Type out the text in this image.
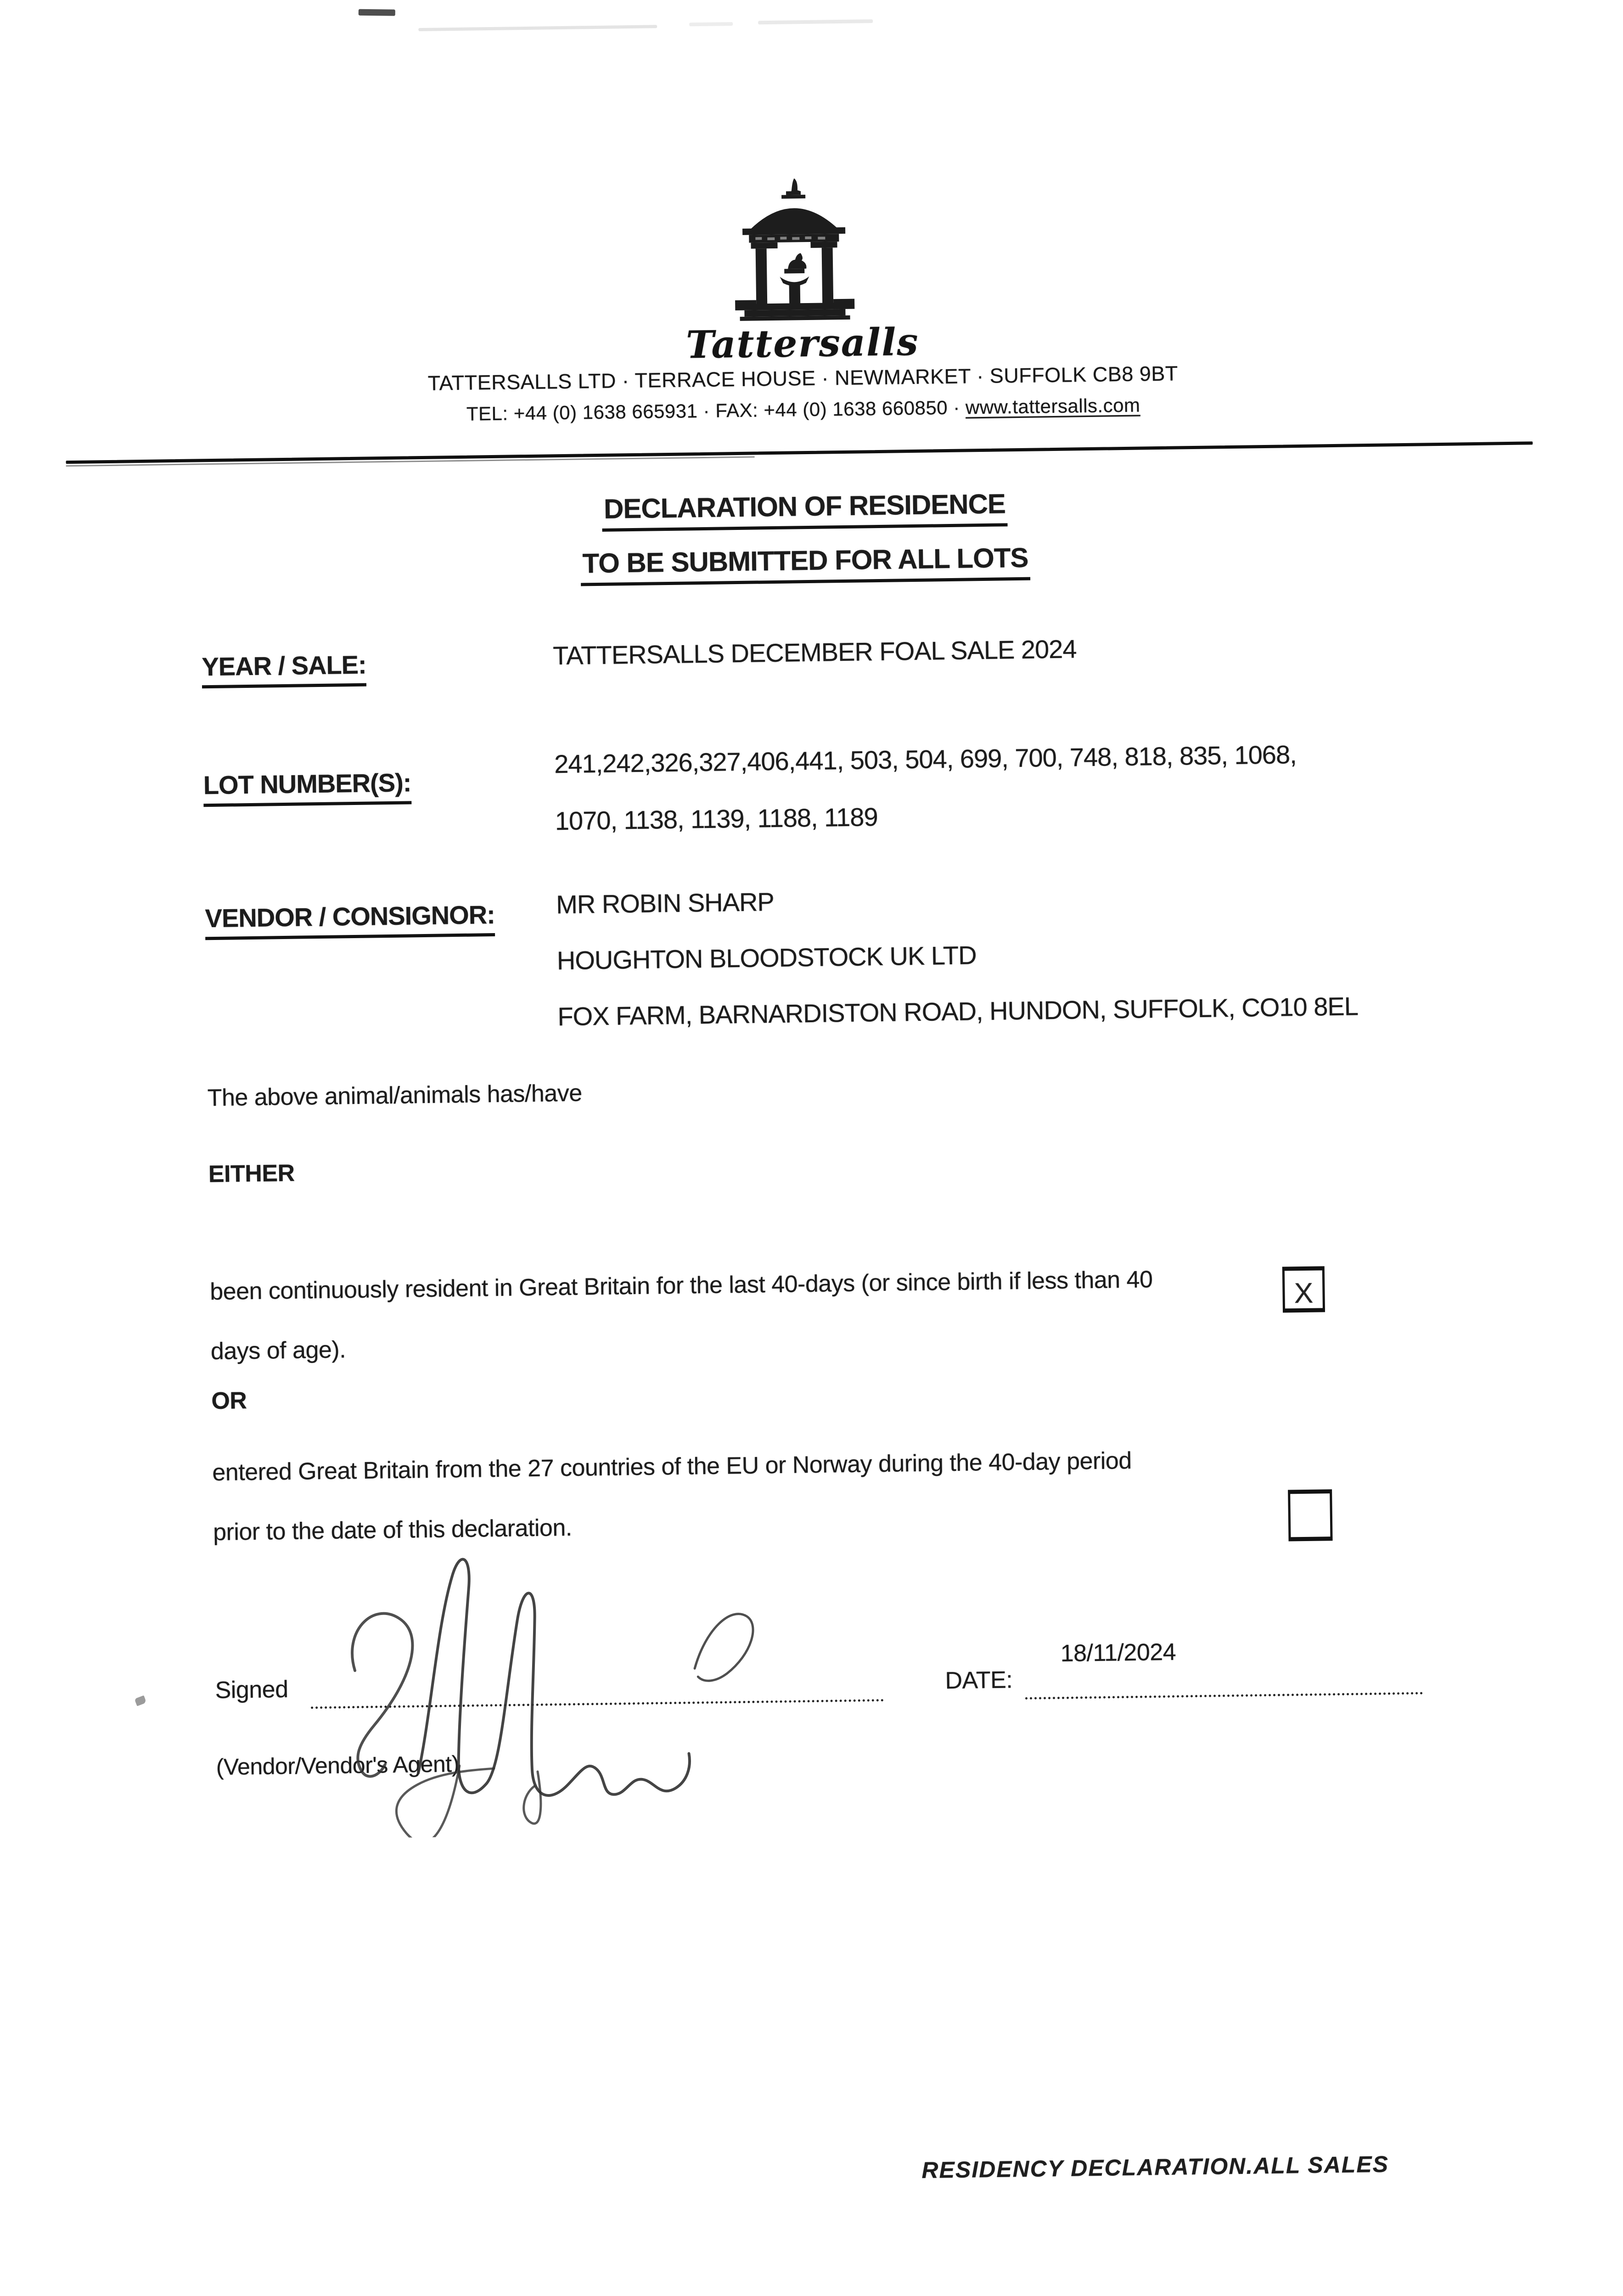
Tattersalls
TATTERSALLS LTD · TERRACE HOUSE · NEWMARKET · SUFFOLK CB8 9BT
TEL: +44 (0) 1638 665931 · FAX: +44 (0) 1638 660850 · www.tattersalls.com
DECLARATION OF RESIDENCE
TO BE SUBMITTED FOR ALL LOTS
YEAR / SALE:	TATTERSALLS DECEMBER FOAL SALE 2024
LOT NUMBER(S):
241,242,326,327,406,441, 503, 504, 699, 700, 748, 818, 835, 1068,
1070, 1138, 1139, 1188, 1189
VENDOR / CONSIGNOR: MR ROBIN SHARP
HOUGHTON BLOODSTOCK UK LTD
FOX FARM, BARNARDISTON ROAD, HUNDON, SUFFOLK, CO10 8EL
The above animal/animals has/have
EITHER
been continuously resident in Great Britain for the last 40-days (or since birth if less than 40
days of age).
X
OR
entered Great Britain from the 27 countries of the EU or Norway during the 40-day period
prior to the date of this declaration.
Signed	DATE:
18/11/2024
(Vendor/Vendor's Agent)
RESIDENCY DECLARATION.ALL SALES
